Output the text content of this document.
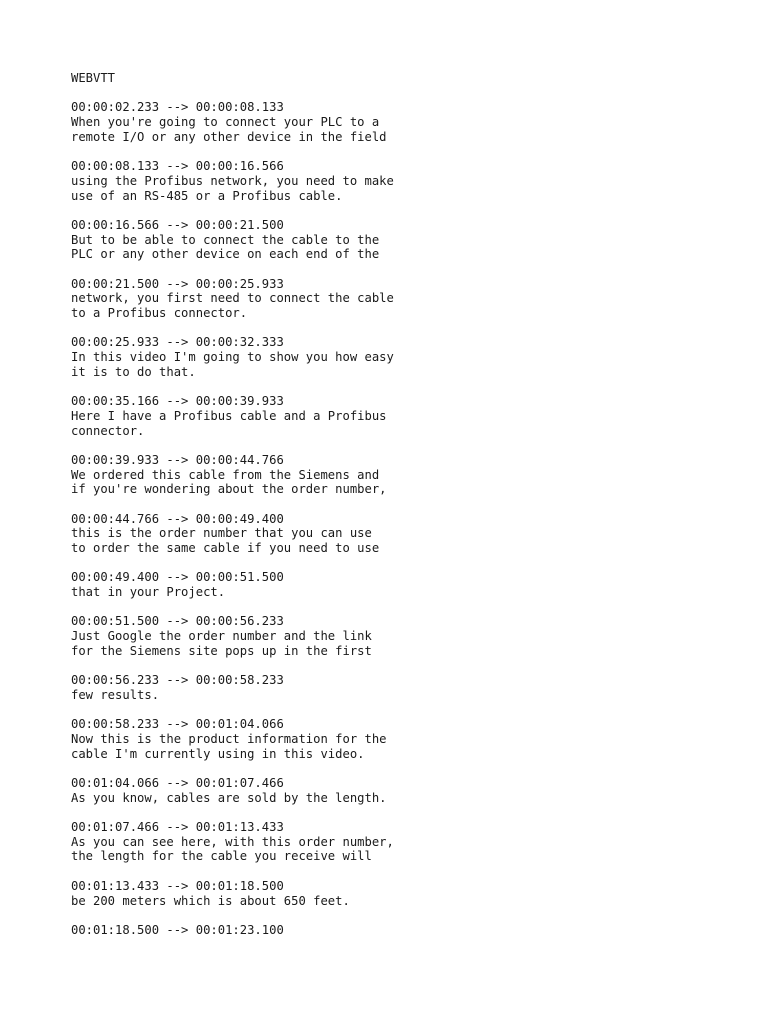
WEBVTT
00:00:02.233 --> 00:00:08.133
When you're going to connect your PLC to a
remote I/O or any other device in the field
00:00:08.133 --> 00:00:16.566
using the Profibus network, you need to make
use of an RS-485 or a Profibus cable.
00:00:16.566 --> 00:00:21.500
But to be able to connect the cable to the
PLC or any other device on each end of the
00:00:21.500 --> 00:00:25.933
network, you first need to connect the cable
to a Profibus connector.
00:00:25.933 --> 00:00:32.333
In this video I'm going to show you how easy
it is to do that.
00:00:35.166 --> 00:00:39.933
Here I have a Profibus cable and a Profibus
connector.
00:00:39.933 --> 00:00:44.766
We ordered this cable from the Siemens and
if you're wondering about the order number,
00:00:44.766 --> 00:00:49.400
this is the order number that you can use
to order the same cable if you need to use
00:00:49.400 --> 00:00:51.500
that in your Project.
00:00:51.500 --> 00:00:56.233
Just Google the order number and the link
for the Siemens site pops up in the first
00:00:56.233 --> 00:00:58.233
few results.
00:00:58.233 --> 00:01:04.066
Now this is the product information for the
cable I'm currently using in this video.
00:01:04.066 --> 00:01:07.466
As you know, cables are sold by the length.
00:01:07.466 --> 00:01:13.433
As you can see here, with this order number,
the length for the cable you receive will
00:01:13.433 --> 00:01:18.500
be 200 meters which is about 650 feet.
00:01:18.500 --> 00:01:23.100
